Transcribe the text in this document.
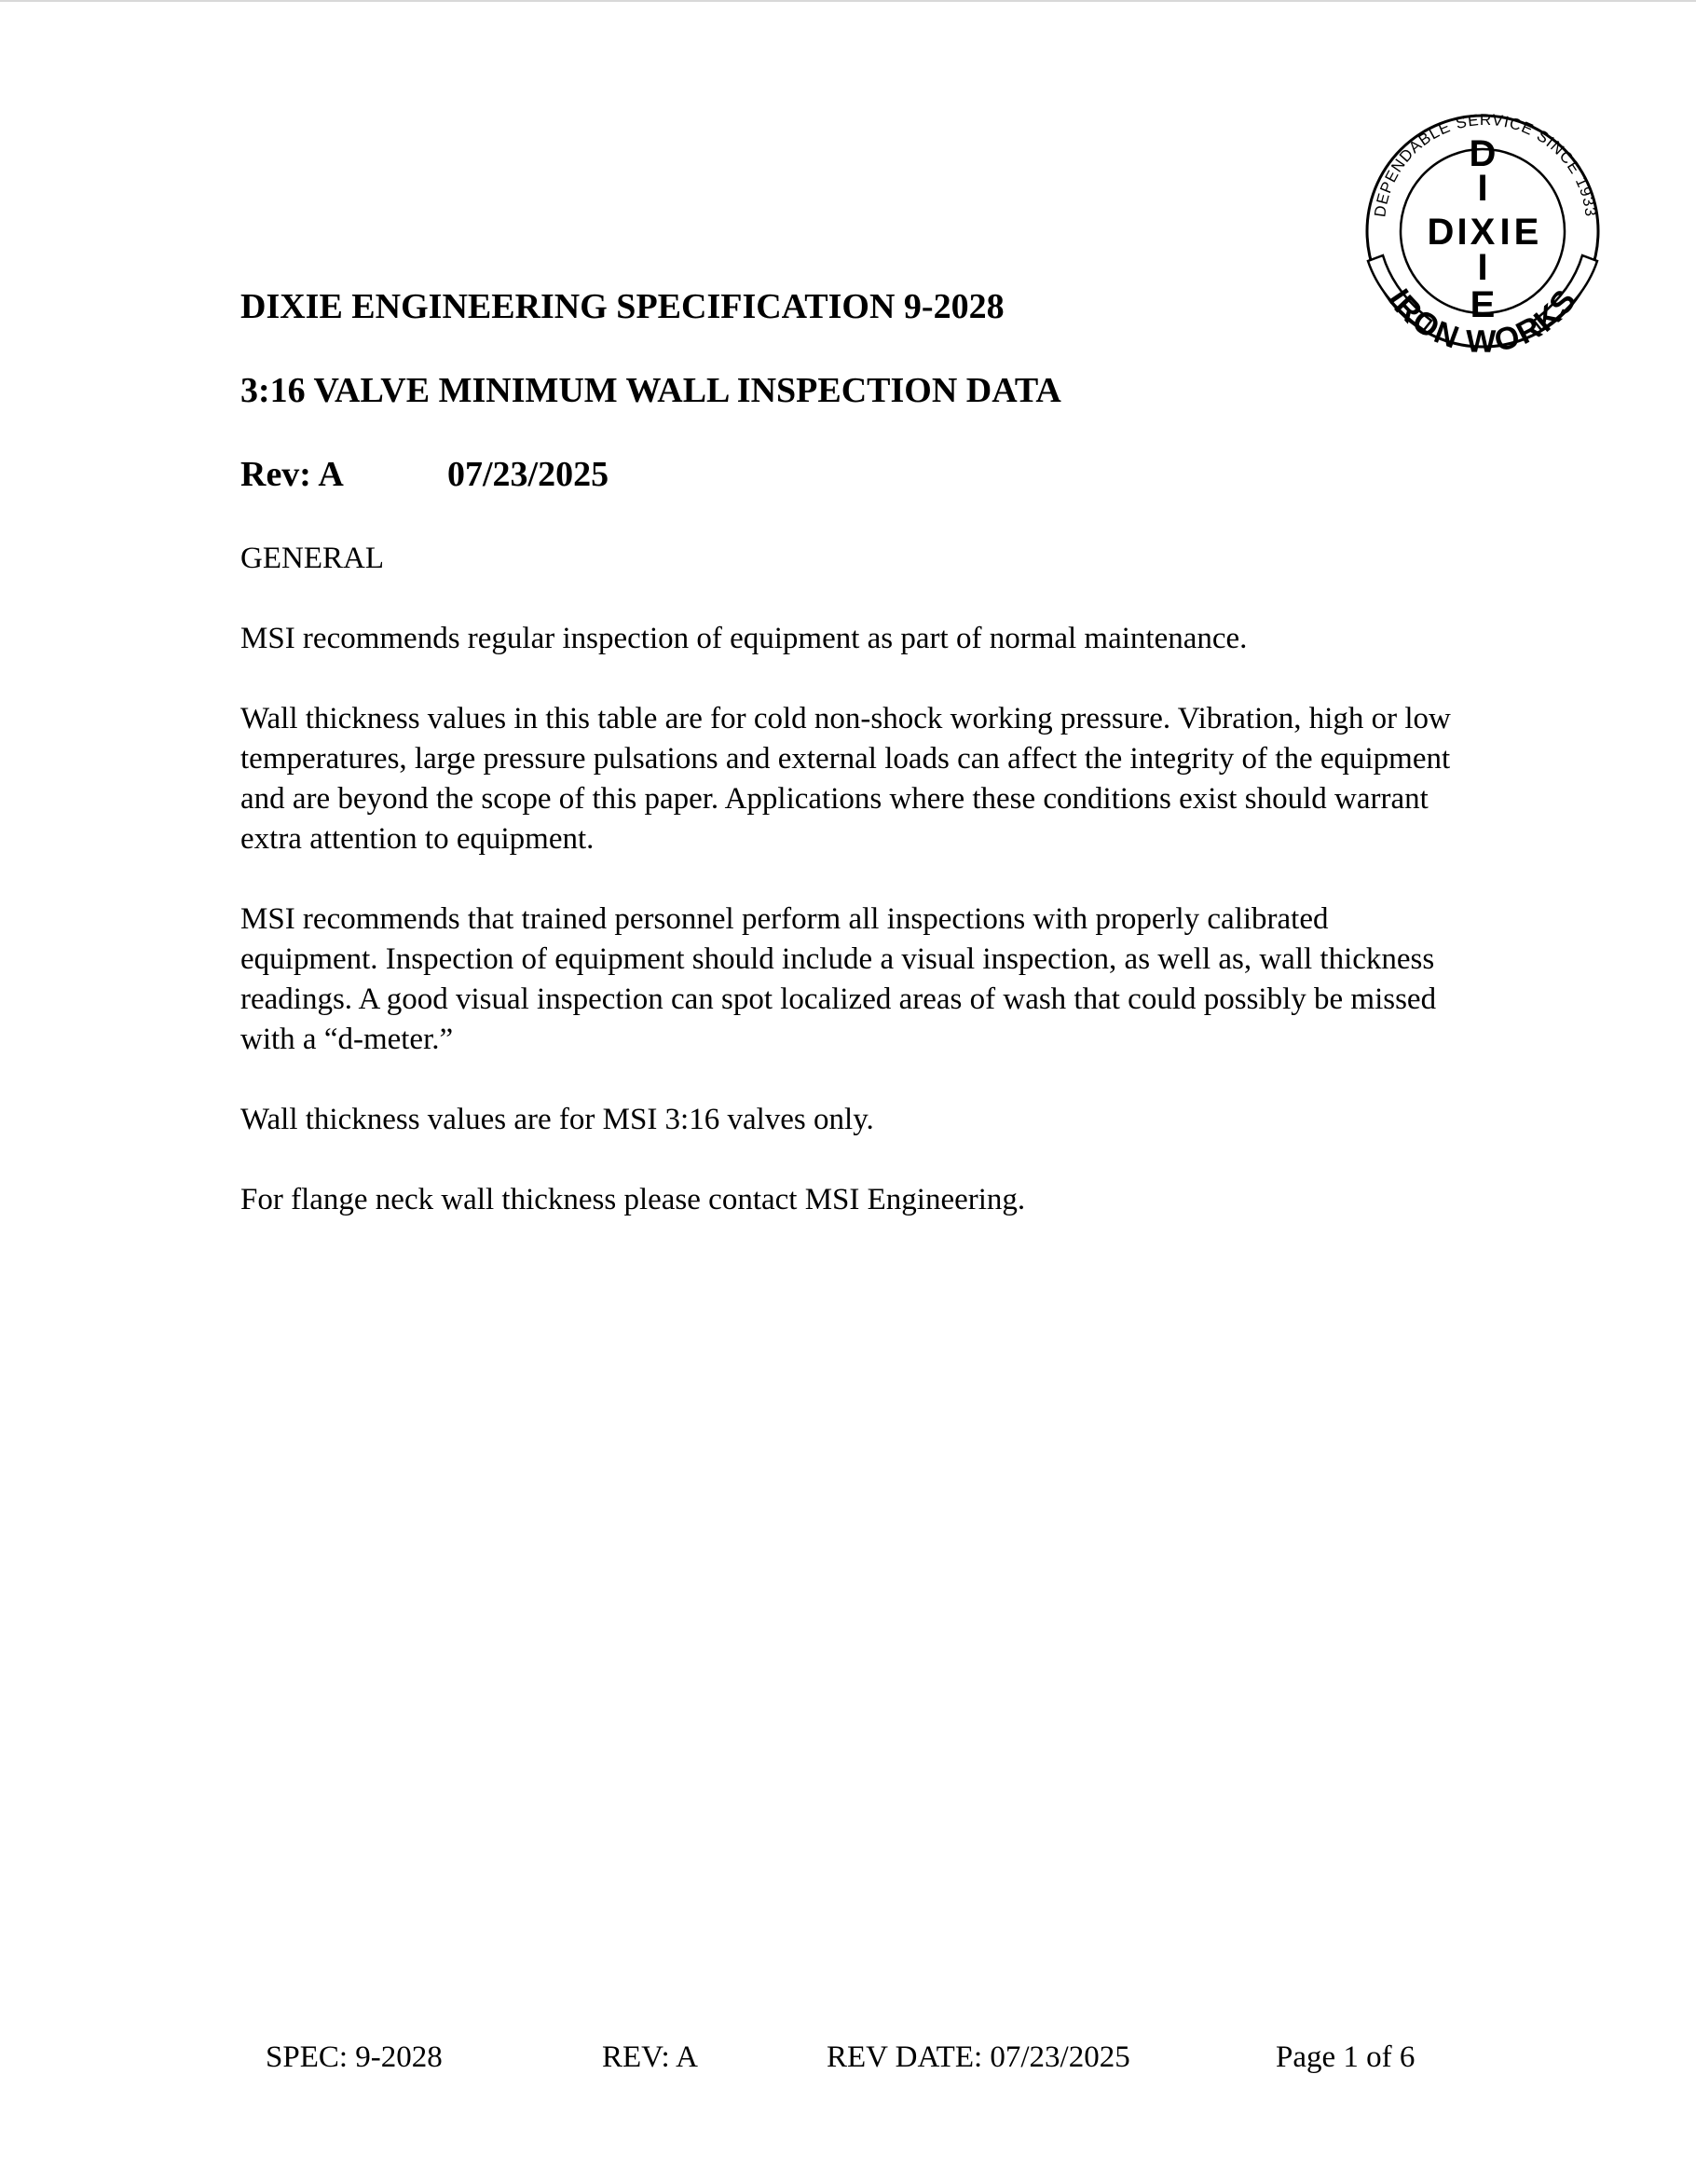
DEPENDABLE SERVICE SINCE 1933
IRON WORKS
D X E
D
I
I
E
I I
DIXIE ENGINEERING SPECIFICATION 9-2028
3:16 VALVE MINIMUM WALL INSPECTION DATA
Rev: A	07/23/2025
GENERAL
MSI recommends regular inspection of equipment as part of normal maintenance.
Wall thickness values in this table are for cold non-shock working pressure. Vibration, high or low temperatures, large pressure pulsations and external loads can affect the integrity of the equipment and are beyond the scope of this paper. Applications where these conditions exist should warrant extra attention to equipment.
MSI recommends that trained personnel perform all inspections with properly calibrated equipment. Inspection of equipment should include a visual inspection, as well as, wall thickness readings. A good visual inspection can spot localized areas of wash that could possibly be missed with a “d-meter.”
Wall thickness values are for MSI 3:16 valves only.
For flange neck wall thickness please contact MSI Engineering.
SPEC: 9-2028	REV: A	REV DATE: 07/23/2025	Page 1 of 6
